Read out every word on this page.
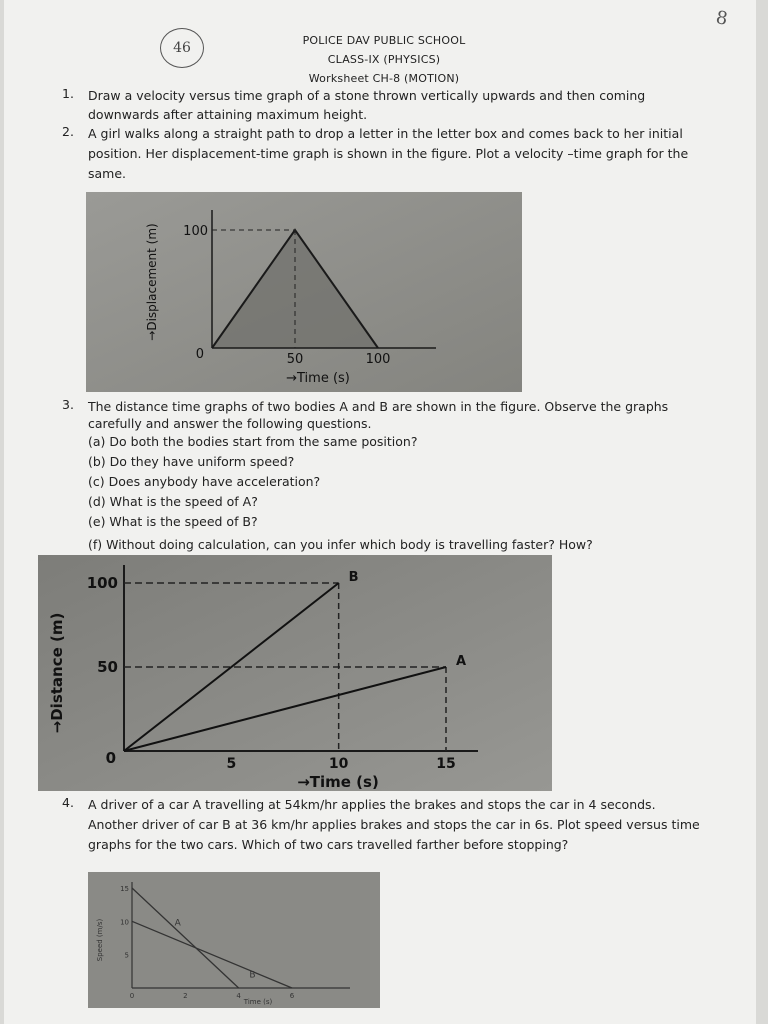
46
8
POLICE DAV PUBLIC SCHOOL
CLASS-IX (PHYSICS)
Worksheet CH-8 (MOTION)
1. Draw a velocity versus time graph of a stone thrown vertically upwards and then coming
downwards after attaining maximum height.
2. A girl walks along a straight path to drop a letter in the letter box and comes back to her initial
position. Her displacement-time graph is shown in the figure. Plot a velocity –time graph for the
same.
0	50	100
100
→Time (s)
→Displacement (m)
3. The distance time graphs of two bodies A and B are shown in the figure. Observe the graphs
carefully and answer the following questions.
(a) Do both the bodies start from the same position?
(b) Do they have uniform speed?
(c) Does anybody have acceleration?
(d) What is the speed of A?
(e) What is the speed of B?
(f) Without doing calculation, can you infer which body is travelling faster? How?
B
A
0	5	10	15
100
50
→Time (s)
→Distance (m)
4. A driver of a car A travelling at 54km/hr applies the brakes and stops the car in 4 seconds.
Another driver of car B at 36 km/hr applies brakes and stops the car in 6s. Plot speed versus time
graphs for the two cars. Which of two cars travelled farther before stopping?
A
B
0	2	4	6
15
10
5
Time (s)
Speed (m/s)
